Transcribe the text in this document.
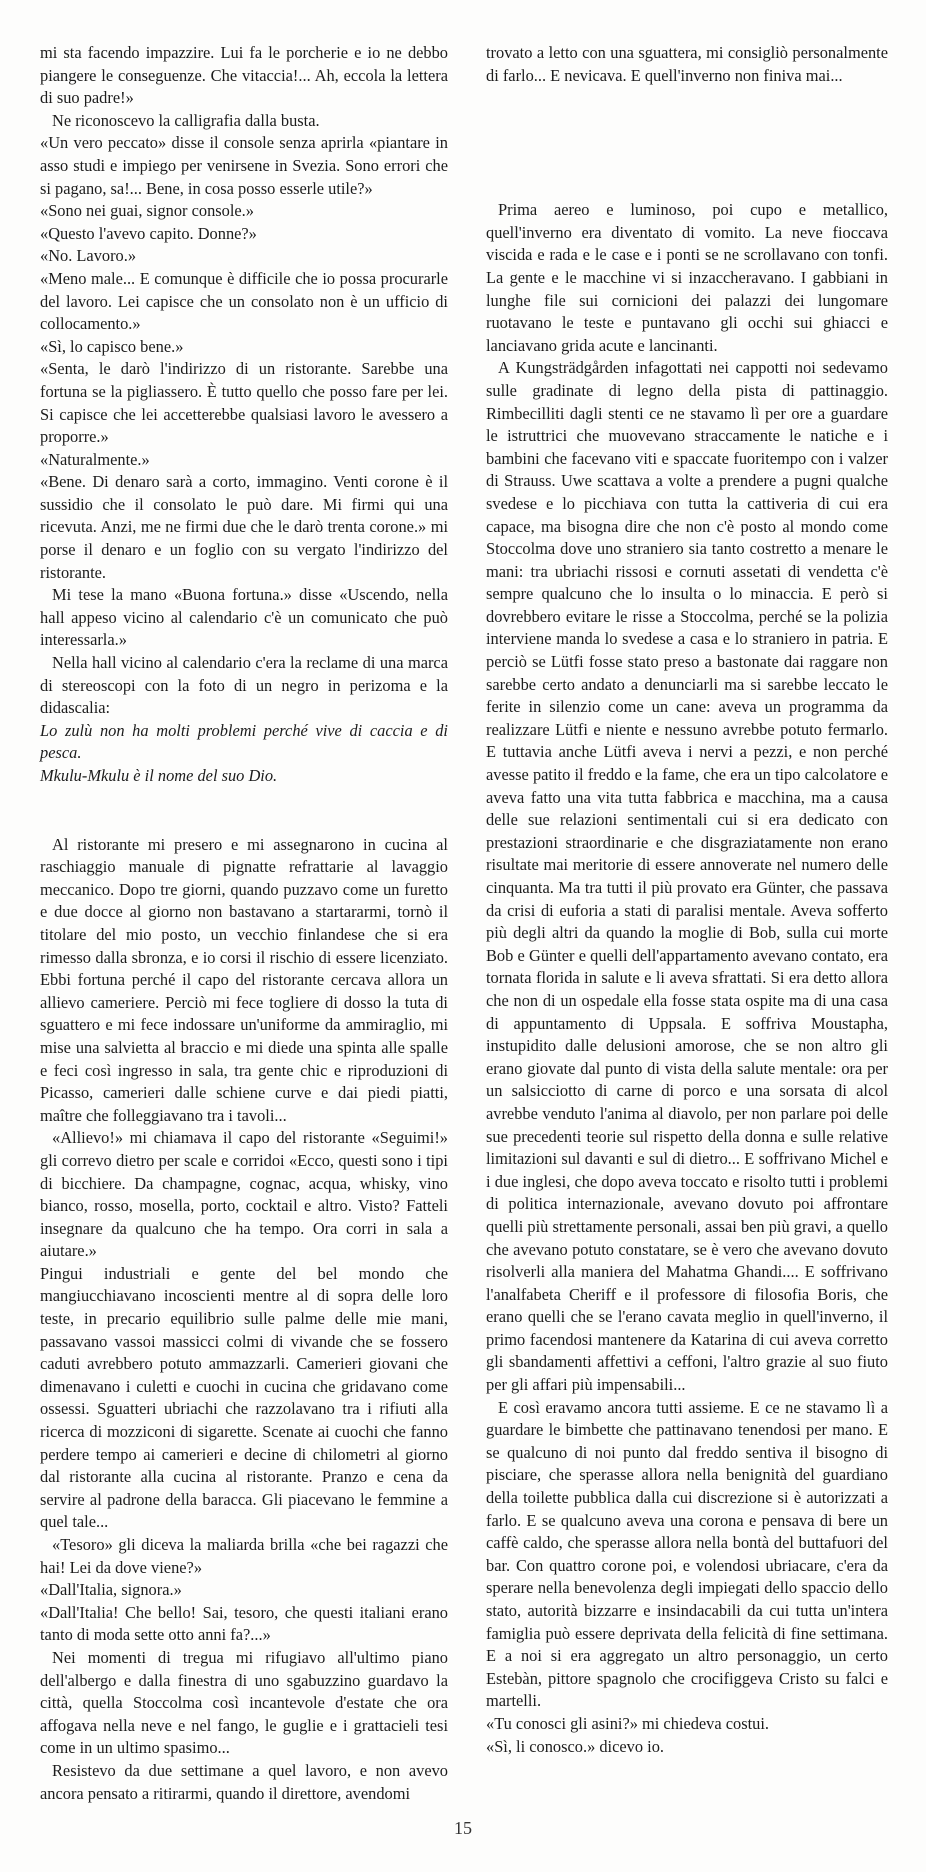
mi sta facendo impazzire. Lui fa le porcherie e io ne debbo piangere le conseguenze. Che vitaccia!... Ah, eccola la lettera di suo padre!»

Ne riconoscevo la calligrafia dalla busta.

«Un vero peccato» disse il console senza aprirla «piantare in asso studi e impiego per venirsene in Svezia. Sono errori che si pagano, sa!... Bene, in cosa posso esserle utile?»

«Sono nei guai, signor console.»

«Questo l'avevo capito. Donne?»

«No. Lavoro.»

«Meno male... E comunque è difficile che io possa procurarle del lavoro. Lei capisce che un consolato non è un ufficio di collocamento.»

«Sì, lo capisco bene.»

«Senta, le darò l'indirizzo di un ristorante. Sarebbe una fortuna se la pigliassero. È tutto quello che posso fare per lei. Si capisce che lei accetterebbe qualsiasi lavoro le avessero a proporre.»

«Naturalmente.»

«Bene. Di denaro sarà a corto, immagino. Venti corone è il sussidio che il consolato le può dare. Mi firmi qui una ricevuta. Anzi, me ne firmi due che le darò trenta corone.» mi porse il denaro e un foglio con su vergato l'indirizzo del ristorante.

Mi tese la mano «Buona fortuna.» disse «Uscendo, nella hall appeso vicino al calendario c'è un comunicato che può interessarla.»

Nella hall vicino al calendario c'era la reclame di una marca di stereoscopi con la foto di un negro in perizoma e la didascalia:

Lo zulù non ha molti problemi perché vive di caccia e di pesca.

Mkulu-Mkulu è il nome del suo Dio.

Al ristorante mi presero e mi assegnarono in cucina al raschiaggio manuale di pignatte refrattarie al lavaggio meccanico. Dopo tre giorni, quando puzzavo come un furetto e due docce al giorno non bastavano a startararmi, tornò il titolare del mio posto, un vecchio finlandese che si era rimesso dalla sbronza, e io corsi il rischio di essere licenziato. Ebbi fortuna perché il capo del ristorante cercava allora un allievo cameriere. Perciò mi fece togliere di dosso la tuta di sguattero e mi fece indossare un'uniforme da ammiraglio, mi mise una salvietta al braccio e mi diede una spinta alle spalle e feci così ingresso in sala, tra gente chic e riproduzioni di Picasso, camerieri dalle schiene curve e dai piedi piatti, maître che folleggiavano tra i tavoli...

«Allievo!» mi chiamava il capo del ristorante «Seguimi!» gli correvo dietro per scale e corridoi «Ecco, questi sono i tipi di bicchiere. Da champagne, cognac, acqua, whisky, vino bianco, rosso, mosella, porto, cocktail e altro. Visto? Fatteli insegnare da qualcuno che ha tempo. Ora corri in sala a aiutare.»

Pingui industriali e gente del bel mondo che mangiucchiavano incoscienti mentre al di sopra delle loro teste, in precario equilibrio sulle palme delle mie mani, passavano vassoi massicci colmi di vivande che se fossero caduti avrebbero potuto ammazzarli. Camerieri giovani che dimenavano i culetti e cuochi in cucina che gridavano come ossessi. Sguatteri ubriachi che razzolavano tra i rifiuti alla ricerca di mozziconi di sigarette. Scenate ai cuochi che fanno perdere tempo ai camerieri e decine di chilometri al giorno dal ristorante alla cucina al ristorante. Pranzo e cena da servire al padrone della baracca. Gli piacevano le femmine a quel tale...

«Tesoro» gli diceva la maliarda brilla «che bei ragazzi che hai! Lei da dove viene?»

«Dall'Italia, signora.»

«Dall'Italia! Che bello! Sai, tesoro, che questi italiani erano tanto di moda sette otto anni fa?...»

Nei momenti di tregua mi rifugiavo all'ultimo piano dell'albergo e dalla finestra di uno sgabuzzino guardavo la città, quella Stoccolma così incantevole d'estate che ora affogava nella neve e nel fango, le guglie e i grattacieli tesi come in un ultimo spasimo...

Resistevo da due settimane a quel lavoro, e non avevo ancora pensato a ritirarmi, quando il direttore, avendomi

trovato a letto con una sguattera, mi consigliò personalmente di farlo... E nevicava. E quell'inverno non finiva mai...

Prima aereo e luminoso, poi cupo e metallico, quell'inverno era diventato di vomito. La neve fioccava viscida e rada e le case e i ponti se ne scrollavano con tonfi. La gente e le macchine vi si inzaccheravano. I gabbiani in lunghe file sui cornicioni dei palazzi dei lungomare ruotavano le teste e puntavano gli occhi sui ghiacci e lanciavano grida acute e lancinanti.

A Kungsträdgården infagottati nei cappotti noi sedevamo sulle gradinate di legno della pista di pattinaggio. Rimbecilliti dagli stenti ce ne stavamo lì per ore a guardare le istruttrici che muovevano straccamente le natiche e i bambini che facevano viti e spaccate fuoritempo con i valzer di Strauss. Uwe scattava a volte a prendere a pugni qualche svedese e lo picchiava con tutta la cattiveria di cui era capace, ma bisogna dire che non c'è posto al mondo come Stoccolma dove uno straniero sia tanto costretto a menare le mani: tra ubriachi rissosi e cornuti assetati di vendetta c'è sempre qualcuno che lo insulta o lo minaccia. E però si dovrebbero evitare le risse a Stoccolma, perché se la polizia interviene manda lo svedese a casa e lo straniero in patria. E perciò se Lütfi fosse stato preso a bastonate dai raggare non sarebbe certo andato a denunciarli ma si sarebbe leccato le ferite in silenzio come un cane: aveva un programma da realizzare Lütfi e niente e nessuno avrebbe potuto fermarlo. E tuttavia anche Lütfi aveva i nervi a pezzi, e non perché avesse patito il freddo e la fame, che era un tipo calcolatore e aveva fatto una vita tutta fabbrica e macchina, ma a causa delle sue relazioni sentimentali cui si era dedicato con prestazioni straordinarie e che disgraziatamente non erano risultate mai meritorie di essere annoverate nel numero delle cinquanta. Ma tra tutti il più provato era Günter, che passava da crisi di euforia a stati di paralisi mentale. Aveva sofferto più degli altri da quando la moglie di Bob, sulla cui morte Bob e Günter e quelli dell'appartamento avevano contato, era tornata florida in salute e li aveva sfrattati. Si era detto allora che non di un ospedale ella fosse stata ospite ma di una casa di appuntamento di Uppsala. E soffriva Moustapha, instupidito dalle delusioni amorose, che se non altro gli erano giovate dal punto di vista della salute mentale: ora per un salsicciotto di carne di porco e una sorsata di alcol avrebbe venduto l'anima al diavolo, per non parlare poi delle sue precedenti teorie sul rispetto della donna e sulle relative limitazioni sul davanti e sul di dietro... E soffrivano Michel e i due inglesi, che dopo aveva toccato e risolto tutti i problemi di politica internazionale, avevano dovuto poi affrontare quelli più strettamente personali, assai ben più gravi, a quello che avevano potuto constatare, se è vero che avevano dovuto risolverli alla maniera del Mahatma Ghandi.... E soffrivano l'analfabeta Cheriff e il professore di filosofia Boris, che erano quelli che se l'erano cavata meglio in quell'inverno, il primo facendosi mantenere da Katarina di cui aveva corretto gli sbandamenti affettivi a ceffoni, l'altro grazie al suo fiuto per gli affari più impensabili...

E così eravamo ancora tutti assieme. E ce ne stavamo lì a guardare le bimbette che pattinavano tenendosi per mano. E se qualcuno di noi punto dal freddo sentiva il bisogno di pisciare, che sperasse allora nella benignità del guardiano della toilette pubblica dalla cui discrezione si è autorizzati a farlo. E se qualcuno aveva una corona e pensava di bere un caffè caldo, che sperasse allora nella bontà del buttafuori del bar. Con quattro corone poi, e volendosi ubriacare, c'era da sperare nella benevolenza degli impiegati dello spaccio dello stato, autorità bizzarre e insindacabili da cui tutta un'intera famiglia può essere deprivata della felicità di fine settimana. E a noi si era aggregato un altro personaggio, un certo Estebàn, pittore spagnolo che crocifiggeva Cristo su falci e martelli.

«Tu conosci gli asini?» mi chiedeva costui.

«Sì, li conosco.» dicevo io.

15
